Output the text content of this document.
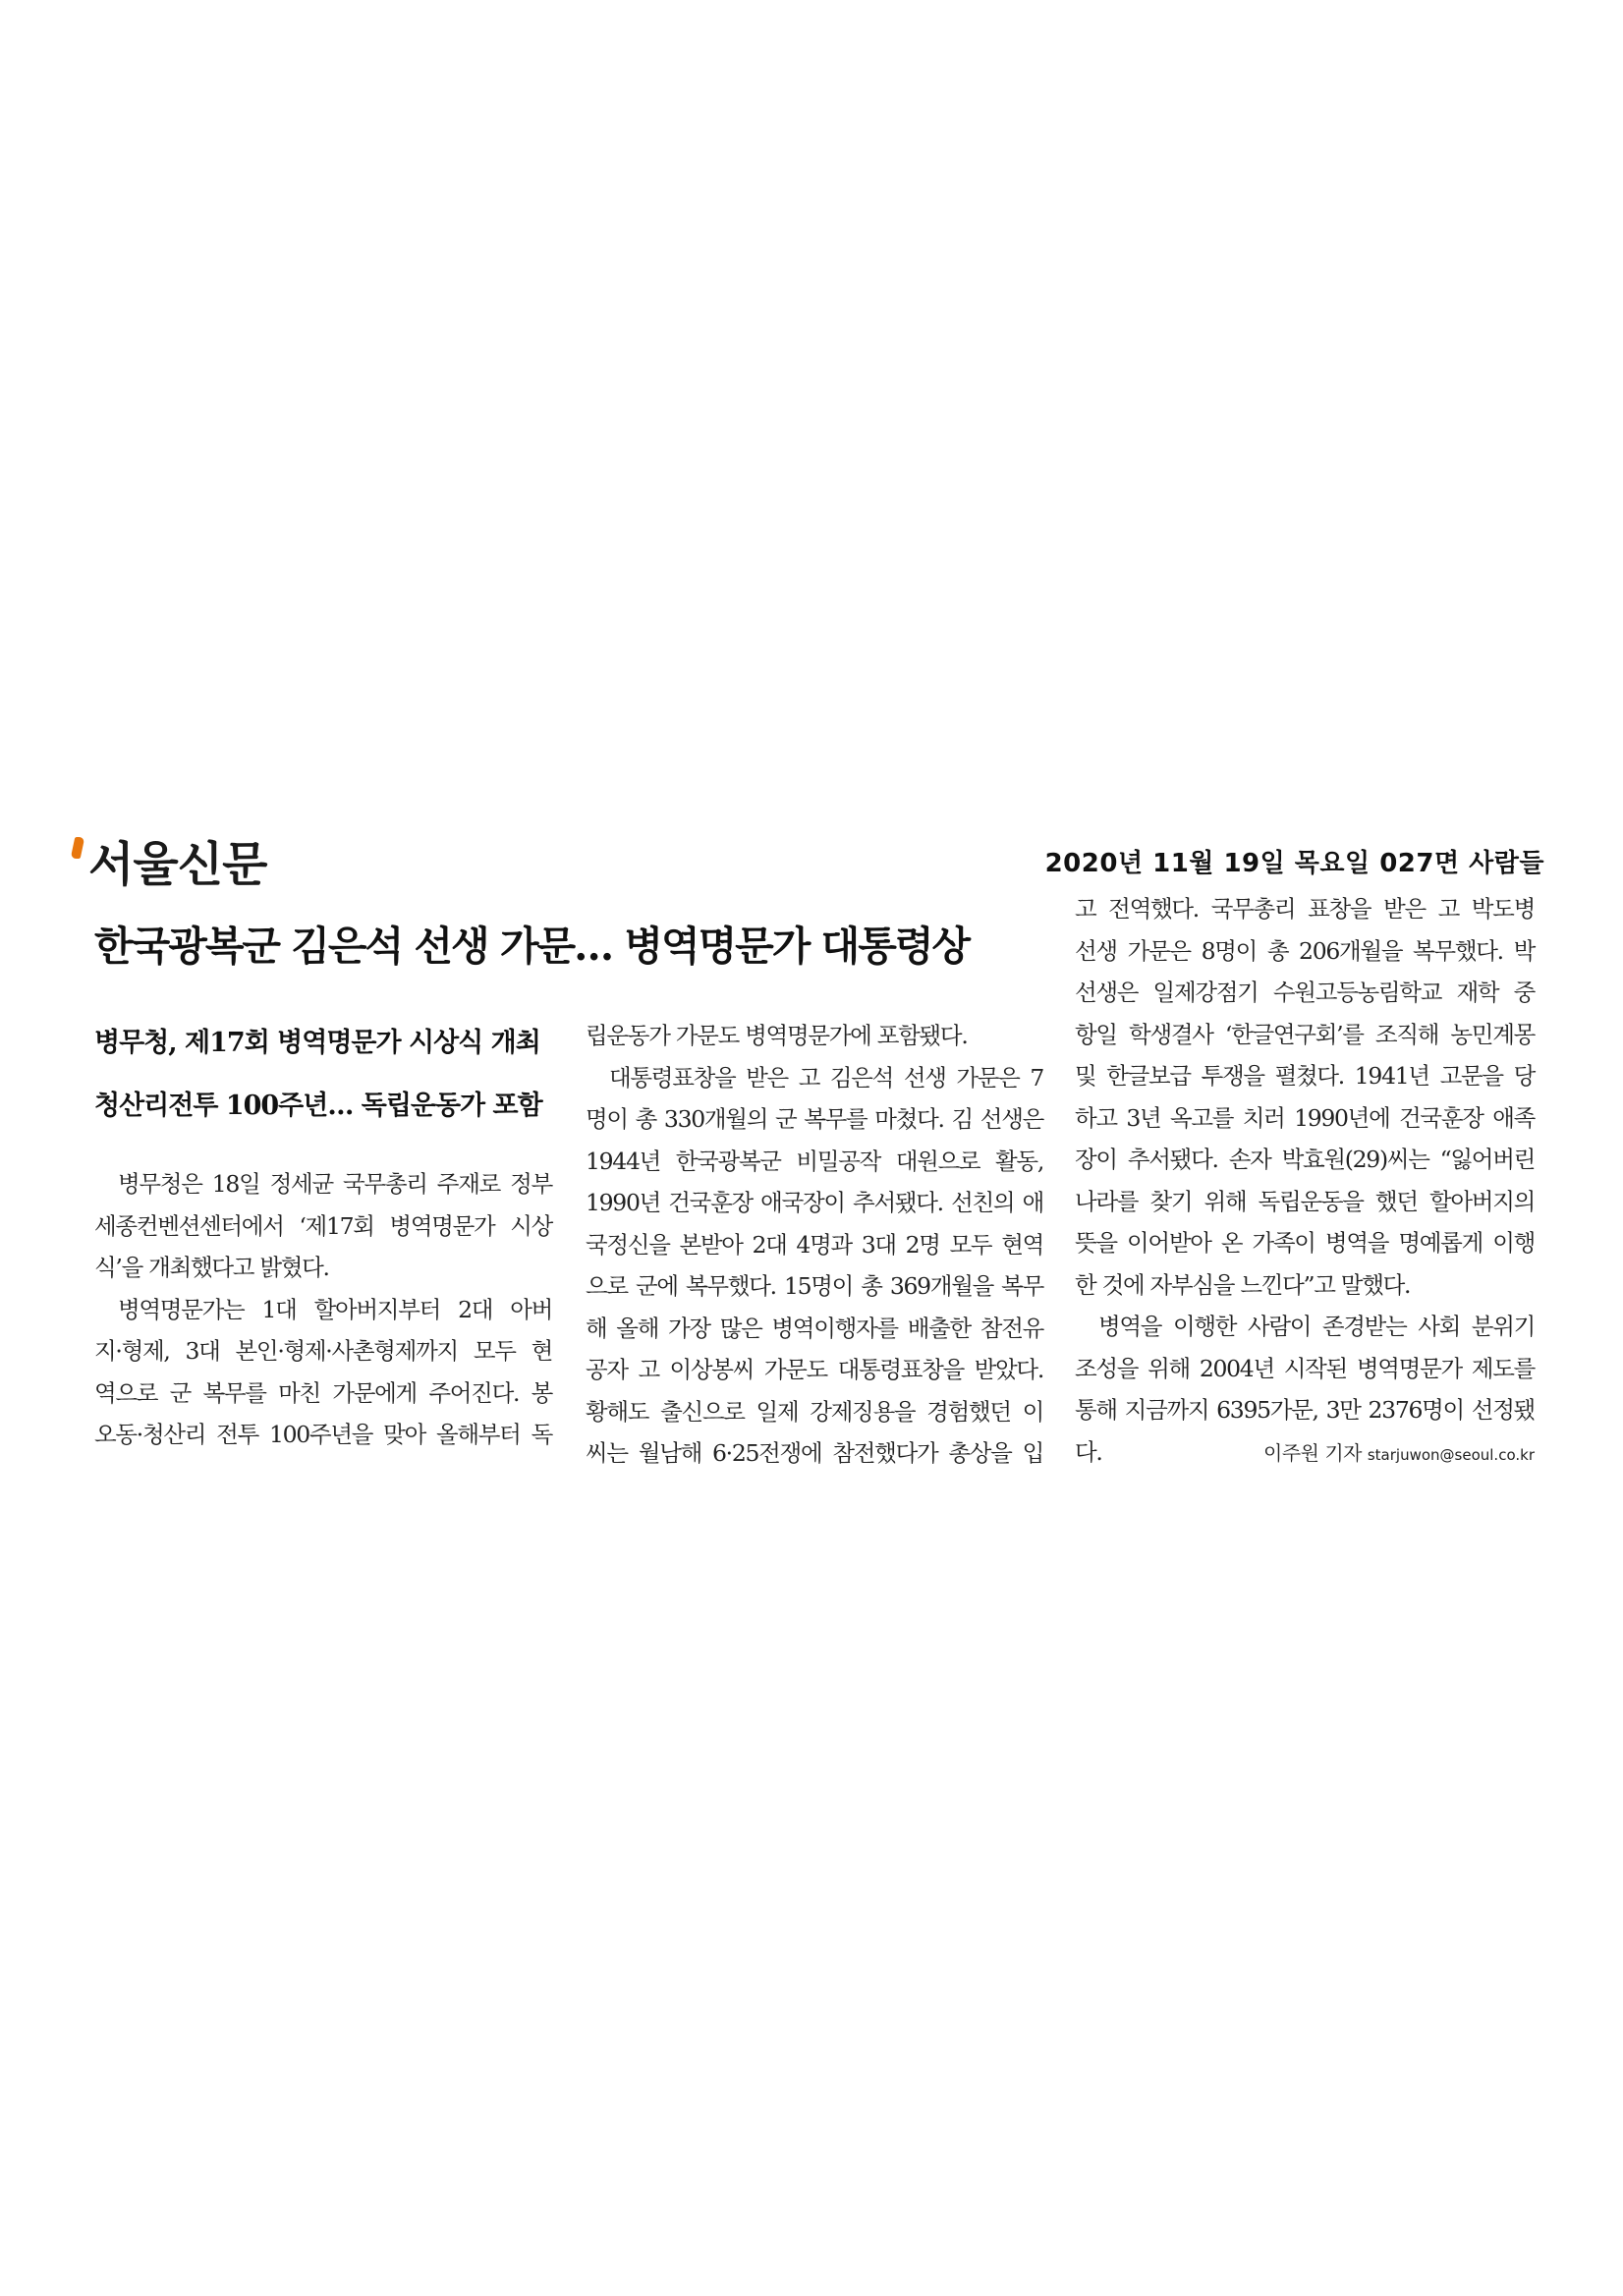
서울신문	2020년 11월 19일 목요일 027면 사람들
한국광복군 김은석 선생 가문… 병역명문가 대통령상
병무청, 제17회 병역명문가 시상식 개최
청산리전투 100주년… 독립운동가 포함

병무청은 18일 정세균 국무총리 주재로 정부

세종컨벤션센터에서 ‘제17회 병역명문가 시상

식’을 개최했다고 밝혔다.

병역명문가는 1대 할아버지부터 2대 아버

지·형제, 3대 본인·형제·사촌형제까지 모두 현

역으로 군 복무를 마친 가문에게 주어진다. 봉

오동·청산리 전투 100주년을 맞아 올해부터 독

립운동가 가문도 병역명문가에 포함됐다.

대통령표창을 받은 고 김은석 선생 가문은 7

명이 총 330개월의 군 복무를 마쳤다. 김 선생은

1944년 한국광복군 비밀공작 대원으로 활동,

1990년 건국훈장 애국장이 추서됐다. 선친의 애

국정신을 본받아 2대 4명과 3대 2명 모두 현역

으로 군에 복무했다. 15명이 총 369개월을 복무

해 올해 가장 많은 병역이행자를 배출한 참전유

공자 고 이상봉씨 가문도 대통령표창을 받았다.

황해도 출신으로 일제 강제징용을 경험했던 이

씨는 월남해 6·25전쟁에 참전했다가 총상을 입

고 전역했다. 국무총리 표창을 받은 고 박도병

선생 가문은 8명이 총 206개월을 복무했다. 박

선생은 일제강점기 수원고등농림학교 재학 중

항일 학생결사 ‘한글연구회’를 조직해 농민계몽

및 한글보급 투쟁을 펼쳤다. 1941년 고문을 당

하고 3년 옥고를 치러 1990년에 건국훈장 애족

장이 추서됐다. 손자 박효원(29)씨는 “잃어버린

나라를 찾기 위해 독립운동을 했던 할아버지의

뜻을 이어받아 온 가족이 병역을 명예롭게 이행

한 것에 자부심을 느낀다”고 말했다.

병역을 이행한 사람이 존경받는 사회 분위기

조성을 위해 2004년 시작된 병역명문가 제도를

통해 지금까지 6395가문, 3만 2376명이 선정됐

다.	이주원 기자 starjuwon@seoul.co.kr
